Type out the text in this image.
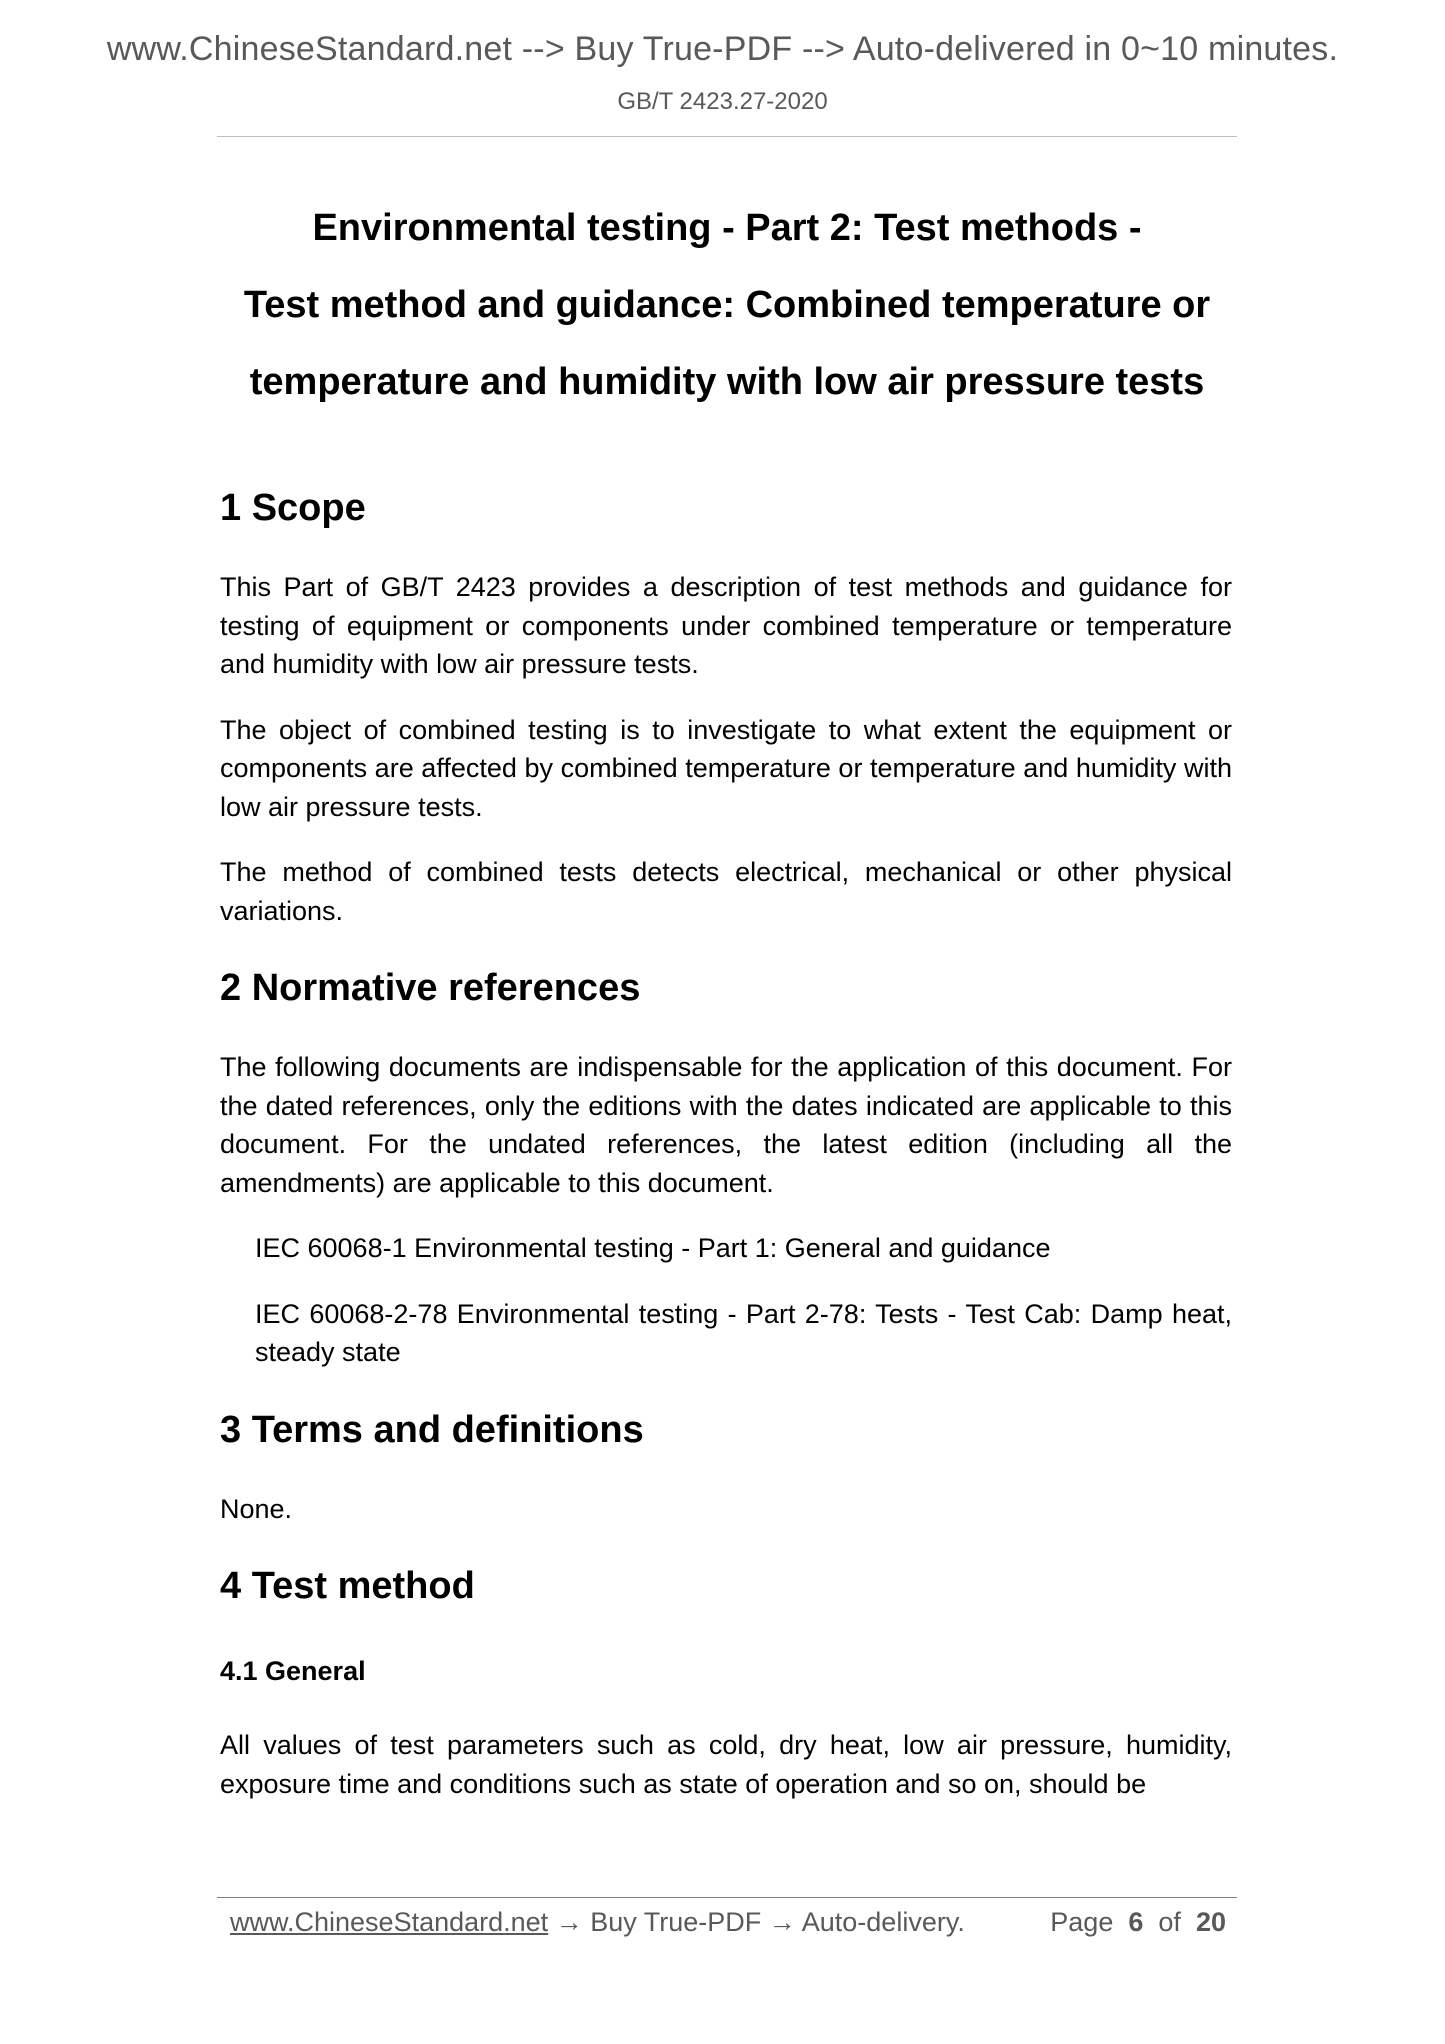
www.ChineseStandard.net --> Buy True-PDF --> Auto-delivered in 0~10 minutes.
GB/T 2423.27-2020
Environmental testing - Part 2: Test methods -
Test method and guidance: Combined temperature or
temperature and humidity with low air pressure tests
1 Scope

This Part of GB/T 2423 provides a description of test methods and guidance for testing of equipment or components under combined temperature or temperature and humidity with low air pressure tests.

The object of combined testing is to investigate to what extent the equipment or components are affected by combined temperature or temperature and humidity with low air pressure tests.

The method of combined tests detects electrical, mechanical or other physical variations.

2 Normative references

The following documents are indispensable for the application of this document. For the dated references, only the editions with the dates indicated are applicable to this document. For the undated references, the latest edition (including all the amendments) are applicable to this document.

IEC 60068-1 Environmental testing - Part 1: General and guidance

IEC 60068-2-78 Environmental testing - Part 2-78: Tests - Test Cab: Damp heat, steady state

3 Terms and definitions

None.

4 Test method
4.1 General

All values of test parameters such as cold, dry heat, low air pressure, humidity, exposure time and conditions such as state of operation and so on, should be

www.ChineseStandard.net → Buy True-PDF → Auto-delivery.	Page 6 of 20
